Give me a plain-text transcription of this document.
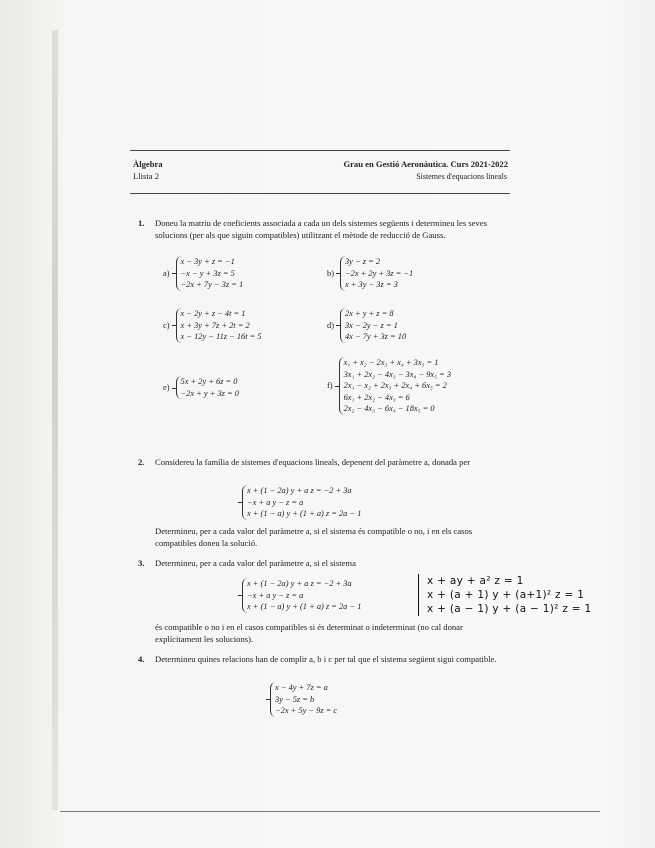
Àlgebra
Llista 2
Grau en Gestió Aeronàutica. Curs 2021-2022
Sistemes d'equacions lineals
1. Doneu la matriu de coeficients associada a cada un dels sistemes següents i determineu les seves solucions (per als que siguin compatibles) utilitzant el mètode de reducció de Gauss.
a)
x − 3y + z = −1
−x − y + 3z = 5
−2x + 7y − 3z = 1
b)
3y − z = 2
−2x + 2y + 3z = −1
x + 3y − 3z = 3
c)
x − 2y + z − 4t = 1
x + 3y + 7z + 2t = 2
x − 12y − 11z − 16t = 5
d)
2x + y + z = 8
3x − 2y − z = 1
4x − 7y + 3z = 10
e)
5x + 2y + 6z = 0
−2x + y + 3z = 0
f)
x₁ + x₂ − 2x₃ + x₄ + 3x₅ = 1
3x₁ + 2x₂ − 4x₃ − 3x₄ − 9x₅ = 3
2x₁ − x₂ + 2x₃ + 2x₄ + 6x₅ = 2
6x₁ + 2x₂ − 4x₃ = 6
2x₂ − 4x₃ − 6x₄ − 18x₅ = 0
2. Considereu la família de sistemes d'equacions lineals, depenent del paràmetre a, donada per
x + (1 − 2a) y + a z = −2 + 3a
−x + a y − z = a
x + (1 − a) y + (1 + a) z = 2a − 1
Determineu, per a cada valor del paràmetre a, si el sistema és compatible o no, i en els casos compatibles doneu la solució.
3. Determineu, per a cada valor del paràmetre a, si el sistema
x + (1 − 2a) y + a z = −2 + 3a
−x + a y − z = a
x + (1 − a) y + (1 + a) z = 2a − 1
x + ay + a² z = 1
x + (a + 1) y + (a+1)² z = 1
x + (a − 1) y + (a − 1)² z = 1
és compatible o no i en el casos compatibles si és determinat o indeterminat (no cal donar explícitament les solucions).
4. Determineu quines relacions han de complir a, b i c per tal que el sistema següent sigui compatible.
x − 4y + 7z = a
3y − 5z = b
−2x + 5y − 9z = c
